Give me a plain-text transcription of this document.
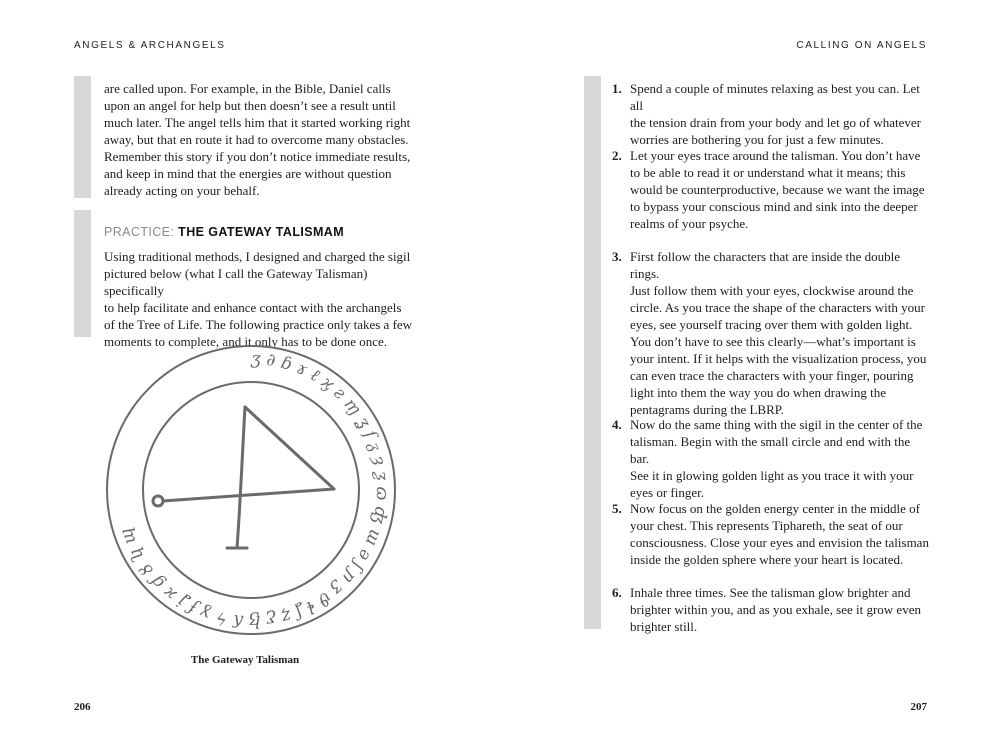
ANGELS & ARCHANGELS
are called upon. For example, in the Bible, Daniel calls
upon an angel for help but then doesn’t see a result until
much later. The angel tells him that it started working right
away, but that en route it had to overcome many obstacles.
Remember this story if you don’t notice immediate results,
and keep in mind that the energies are without question
already acting on your behalf.
PRACTICE: THE GATEWAY TALISMAM
Using traditional methods, I designed and charged the sigil
pictured below (what I call the Gateway Talisman) specifically
to help facilitate and enhance contact with the archangels
of the Tree of Life. The following practice only takes a few
moments to complete, and it only has to be done once.
ʒ ∂ ɓ ɤ ℓ ϗ ƨ ɱ ʓ ſ ᵹ ȝ ƺ ɷ ʤ ɯ ǝ ʃ ɲ ʒ ϑ ɬ ʆ ȥ ƹ ɮ ʎ ϟ ɣ ʄ ʝ ϰ ɠ ȣ ʮ ɰ
The Gateway Talisman
206
CALLING ON ANGELS
1. Spend a couple of minutes relaxing as best you can. Let all
the tension drain from your body and let go of whatever
worries are bothering you for just a few minutes.
2. Let your eyes trace around the talisman. You don’t have
to be able to read it or understand what it means; this
would be counterproductive, because we want the image
to bypass your conscious mind and sink into the deeper
realms of your psyche.
3. First follow the characters that are inside the double rings.
Just follow them with your eyes, clockwise around the
circle. As you trace the shape of the characters with your
eyes, see yourself tracing over them with golden light.
You don’t have to see this clearly—what’s important is
your intent. If it helps with the visualization process, you
can even trace the characters with your finger, pouring
light into them the way you do when drawing the
pentagrams during the LBRP.
4. Now do the same thing with the sigil in the center of the
talisman. Begin with the small circle and end with the bar.
See it in glowing golden light as you trace it with your
eyes or finger.
5. Now focus on the golden energy center in the middle of
your chest. This represents Tiphareth, the seat of our
consciousness. Close your eyes and envision the talisman
inside the golden sphere where your heart is located.
6. Inhale three times. See the talisman glow brighter and
brighter within you, and as you exhale, see it grow even
brighter still.
207
